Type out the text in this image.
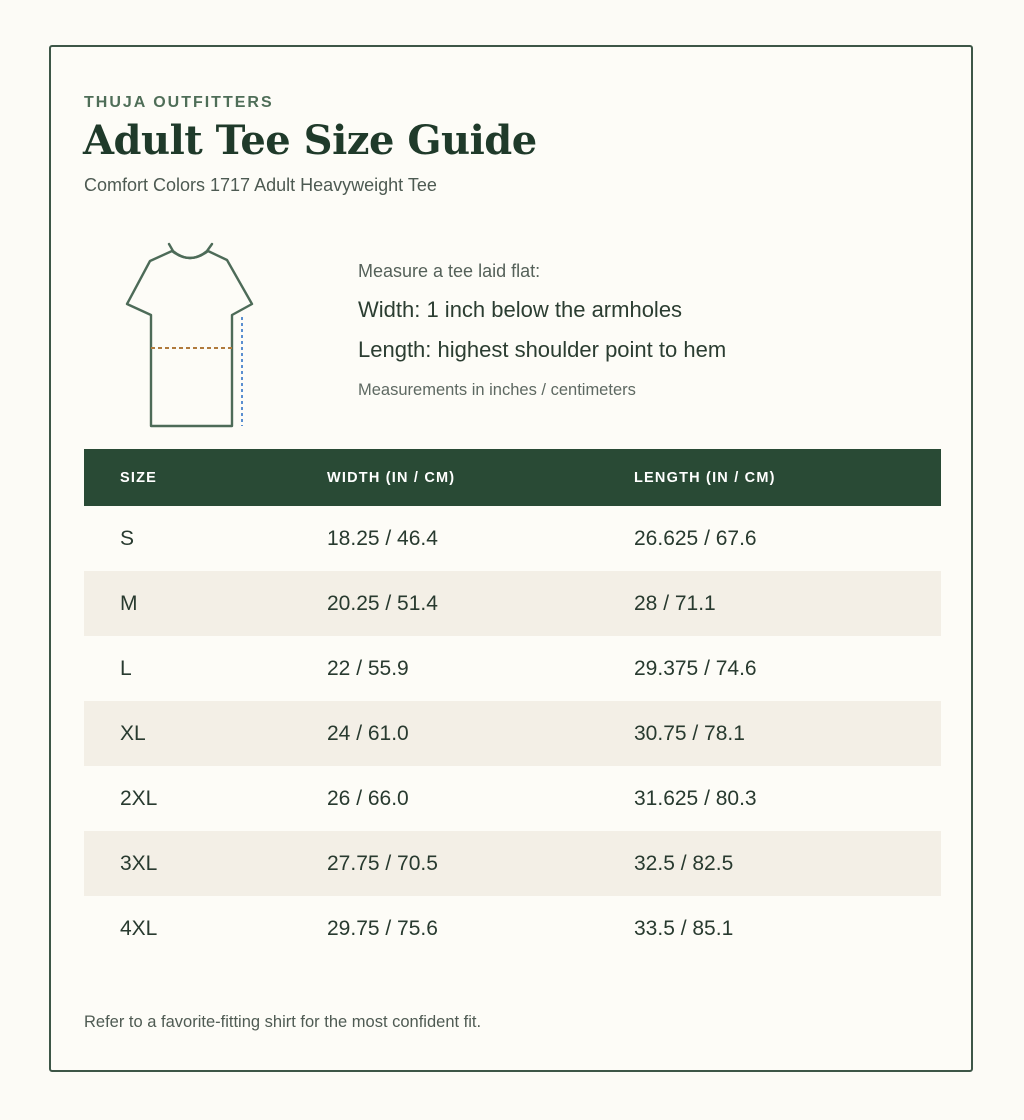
THUJA OUTFITTERS
Adult Tee Size Guide
Comfort Colors 1717 Adult Heavyweight Tee
Measure a tee laid flat:
Width: 1 inch below the armholes
Length: highest shoulder point to hem
Measurements in inches / centimeters
SIZE	WIDTH (IN / CM)	LENGTH (IN / CM)
S	18.25 / 46.4	26.625 / 67.6
M	20.25 / 51.4	28 / 71.1
L	22 / 55.9	29.375 / 74.6
XL	24 / 61.0	30.75 / 78.1
2XL	26 / 66.0	31.625 / 80.3
3XL	27.75 / 70.5	32.5 / 82.5
4XL	29.75 / 75.6	33.5 / 85.1
Refer to a favorite-fitting shirt for the most confident fit.
